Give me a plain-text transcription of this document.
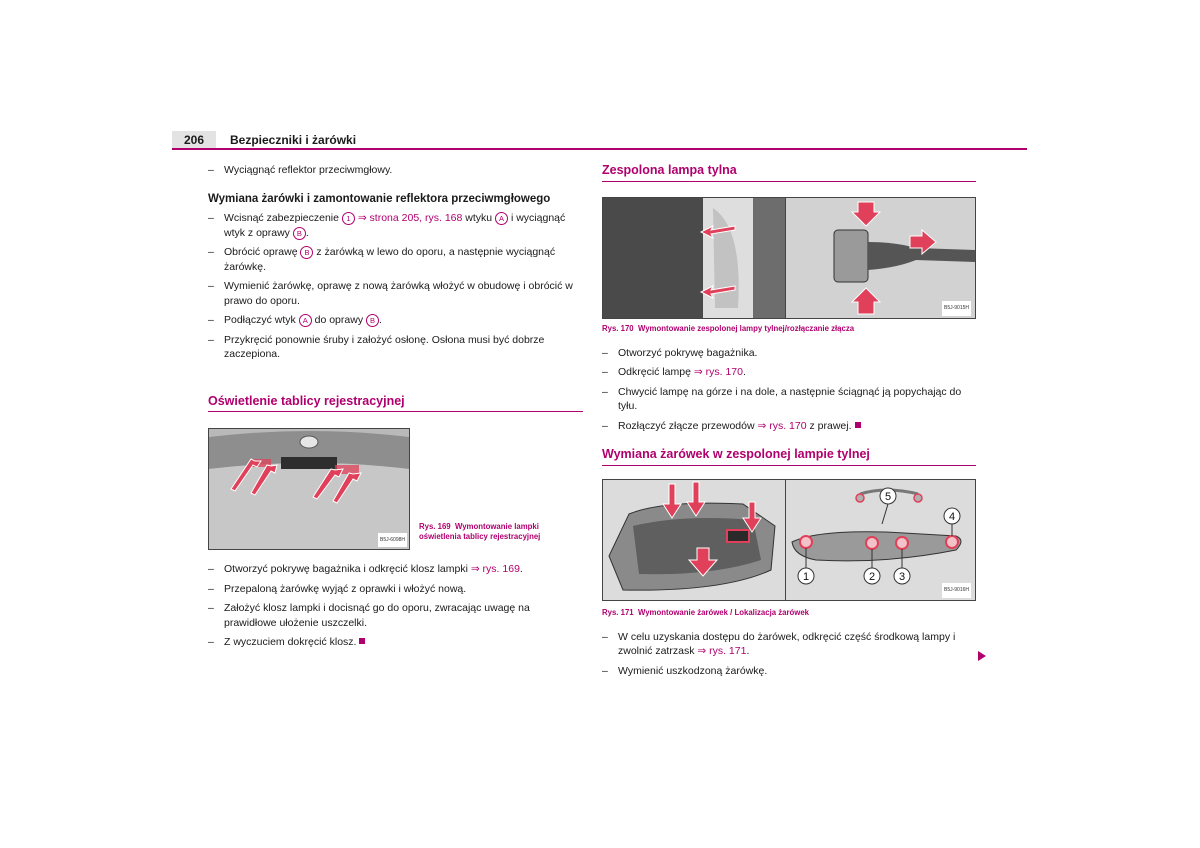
206	Bezpieczniki i żarówki
– Wyciągnąć reflektor przeciwmgłowy.
Wymiana żarówki i zamontowanie reflektora przeciwmgłowego
– Wcisnąć zabezpieczenie 1 ⇒ strona 205, rys. 168 wtyku A i wyciągnąć wtyk z oprawy B .
– Obrócić oprawę B z żarówką w lewo do oporu, a następnie wyciągnąć żarówkę.
– Wymienić żarówkę, oprawę z nową żarówką włożyć w obudowę i obrócić w prawo do oporu.
– Podłączyć wtyk A do oprawy B .
– Przykręcić ponownie śruby i założyć osłonę. Osłona musi być dobrze zaczepiona.
Oświetlenie tablicy rejestracyjnej
B5J-6098H
Rys. 169 Wymontowanie lampki oświetlenia tablicy rejestracyjnej
– Otworzyć pokrywę bagażnika i odkręcić klosz lampki ⇒ rys. 169.
– Przepaloną żarówkę wyjąć z oprawki i włożyć nową.
– Założyć klosz lampki i docisnąć go do oporu, zwracając uwagę na prawidłowe ułożenie uszczelki.
– Z wyczuciem dokręcić klosz.
Zespolona lampa tylna
B5J-9015H
Rys. 170 Wymontowanie zespolonej lampy tylnej/rozłączanie złącza
– Otworzyć pokrywę bagażnika.
– Odkręcić lampę ⇒ rys. 170.
– Chwycić lampę na górze i na dole, a następnie ściągnąć ją popychając do tyłu.
– Rozłączyć złącze przewodów ⇒ rys. 170 z prawej.
Wymiana żarówek w zespolonej lampie tylnej
1	2 3
4
5
B5J-9016H
Rys. 171 Wymontowanie żarówek / Lokalizacja żarówek
– W celu uzyskania dostępu do żarówek, odkręcić część środkową lampy i zwolnić zatrzask ⇒ rys. 171.
– Wymienić uszkodzoną żarówkę.
